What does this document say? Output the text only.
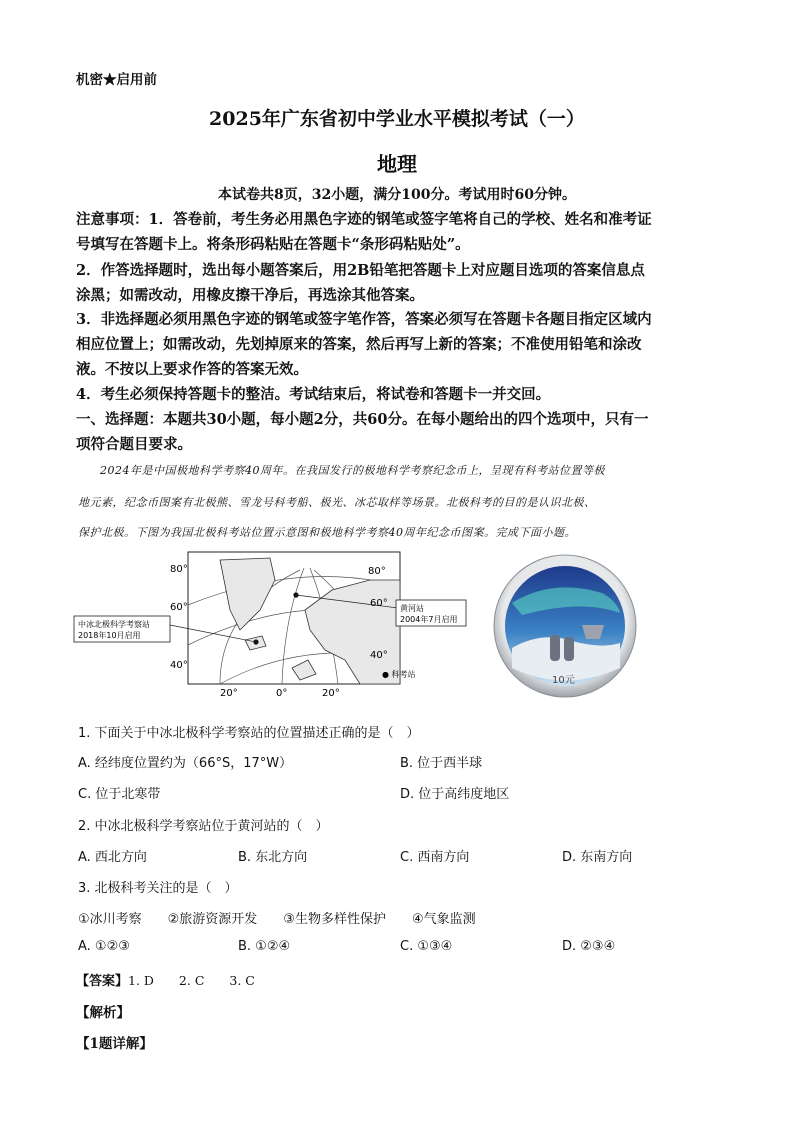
机密★启用前
2025年广东省初中学业水平模拟考试（一）
地理
本试卷共8页，32小题，满分100分。考试用时60分钟。
注意事项：1．答卷前，考生务必用黑色字迹的钢笔或签字笔将自己的学校、姓名和准考证
号填写在答题卡上。将条形码粘贴在答题卡“条形码粘贴处”。
2．作答选择题时，选出每小题答案后，用2B铅笔把答题卡上对应题目选项的答案信息点
涂黑；如需改动，用橡皮擦干净后，再选涂其他答案。
3．非选择题必须用黑色字迹的钢笔或签字笔作答，答案必须写在答题卡各题目指定区域内
相应位置上；如需改动，先划掉原来的答案，然后再写上新的答案；不准使用铅笔和涂改
液。不按以上要求作答的答案无效。
4．考生必须保持答题卡的整洁。考试结束后，将试卷和答题卡一并交回。
一、选择题：本题共30小题，每小题2分，共60分。在每小题给出的四个选项中，只有一
项符合题目要求。
2024年是中国极地科学考察40周年。在我国发行的极地科学考察纪念币上，呈现有科考站位置等极
地元素，纪念币图案有北极熊、雪龙号科考船、极光、冰芯取样等场景。北极科考的目的是认识北极、
保护北极。下图为我国北极科考站位置示意图和极地科学考察40周年纪念币图案。完成下面小题。
中冰北极科学考察站
2018年10月启用
黄河站
2004年7月启用
80°
60°
40°
80°
60°
40°
20°	0°	20°
● 科考站
10元
1. 下面关于中冰北极科学考察站的位置描述正确的是（　）
A. 经纬度位置约为（66°S，17°W）	B. 位于西半球
C. 位于北寒带	D. 位于高纬度地区
2. 中冰北极科学考察站位于黄河站的（　）
A. 西北方向	B. 东北方向	C. 西南方向	D. 东南方向
3. 北极科考关注的是（　）
①冰川考察　　②旅游资源开发　　③生物多样性保护　　④气象监测
A. ①②③	B. ①②④	C. ①③④	D. ②③④
【答案】1. D　　2. C　　3. C
【解析】
【1题详解】
